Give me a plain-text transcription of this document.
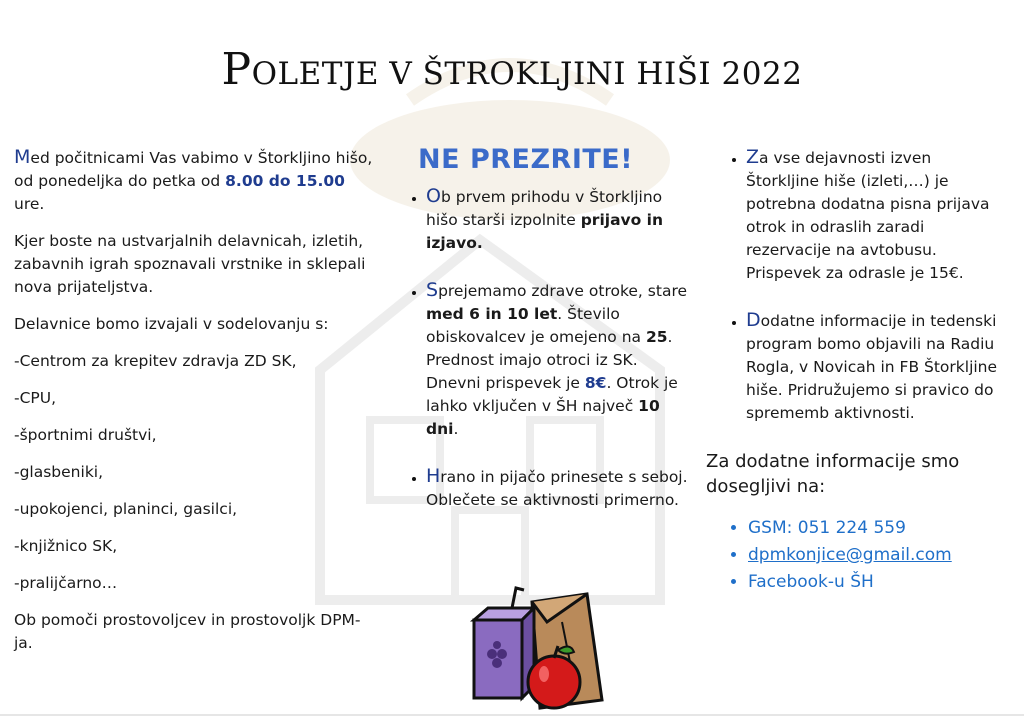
POLETJE V ŠTROKLJINI HIŠI 2022

Med počitnicami Vas vabimo v Štorkljino hišo, od ponedeljka do petka od 8.00 do 15.00 ure.

Kjer boste na ustvarjalnih delavnicah, izletih, zabavnih igrah spoznavali vrstnike in sklepali nova prijateljstva.

Delavnice bomo izvajali v sodelovanju s:

-Centrom za krepitev zdravja ZD SK,

-CPU,

-športnimi društvi,

-glasbeniki,

-upokojenci, planinci, gasilci,

-knjižnico SK,

-pralijčarno…

Ob pomoči prostovoljcev in prostovoljk DPM-ja.

NE PREZRITE!
• Ob prvem prihodu v Štorkljino hišo starši izpolnite prijavo in izjavo.
• Sprejemamo zdrave otroke, stare med 6 in 10 let. Število obiskovalcev je omejeno na 25. Prednost imajo otroci iz SK. Dnevni prispevek je 8€. Otrok je lahko vključen v ŠH največ 10 dni.
• Hrano in pijačo prinesete s seboj. Oblečete se aktivnosti primerno.
• Za vse dejavnosti izven Štorkljine hiše (izleti,…) je potrebna dodatna pisna prijava otrok in odraslih zaradi rezervacije na avtobusu. Prispevek za odrasle je 15€.
• Dodatne informacije in tedenski program bomo objavili na Radiu Rogla, v Novicah in FB Štorkljine hiše. Pridružujemo si pravico do sprememb aktivnosti.
Za dodatne informacije smo dosegljivi na:
• GSM: 051 224 559
• dpmkonjice@gmail.com
• Facebook-u ŠH
